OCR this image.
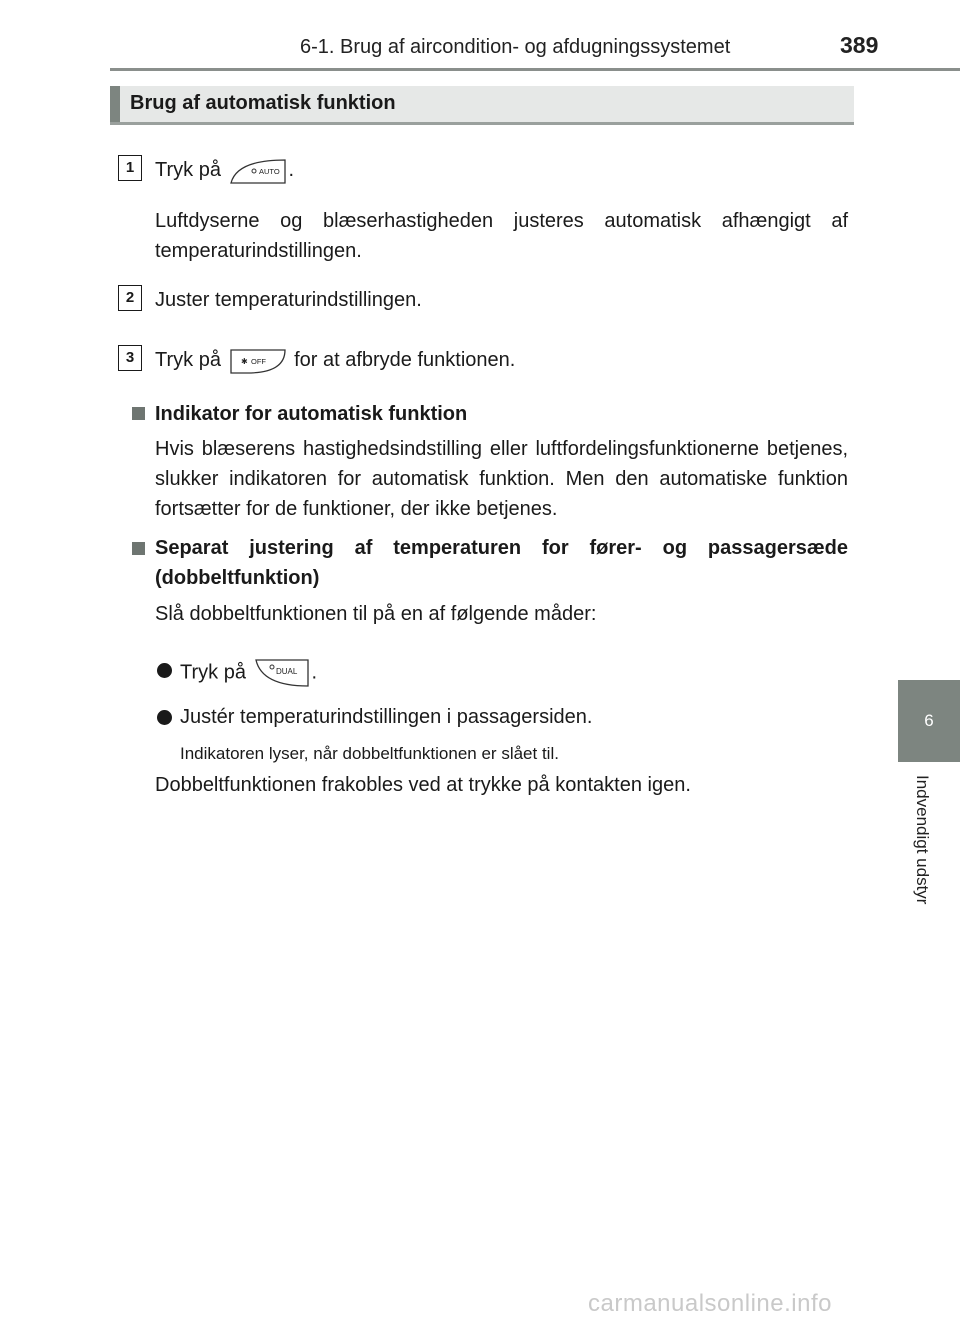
6-1. Brug af aircondition- og afdugningssystemet	389
6
Indvendigt udstyr
Brug af automatisk funktion
1	Tryk på	AUTO .
Luftdyserne og blæserhastigheden justeres automatisk afhængigt af temperaturindstillingen.
2	Juster temperaturindstillingen.
3	Tryk på ✱ OFF for at afbryde funktionen.
Indikator for automatisk funktion
Hvis blæserens hastighedsindstilling eller luftfordelingsfunktionerne betjenes, slukker indikatoren for automatisk funktion. Men den automatiske funktion fortsætter for de funktioner, der ikke betjenes.
Separat justering af temperaturen for fører- og passagersæde (dobbeltfunktion)
Slå dobbeltfunktionen til på en af følgende måder:
Tryk på	DUAL .
Justér temperaturindstillingen i passagersiden.
Indikatoren lyser, når dobbeltfunktionen er slået til.
Dobbeltfunktionen frakobles ved at trykke på kontakten igen.
carmanualsonline.info
